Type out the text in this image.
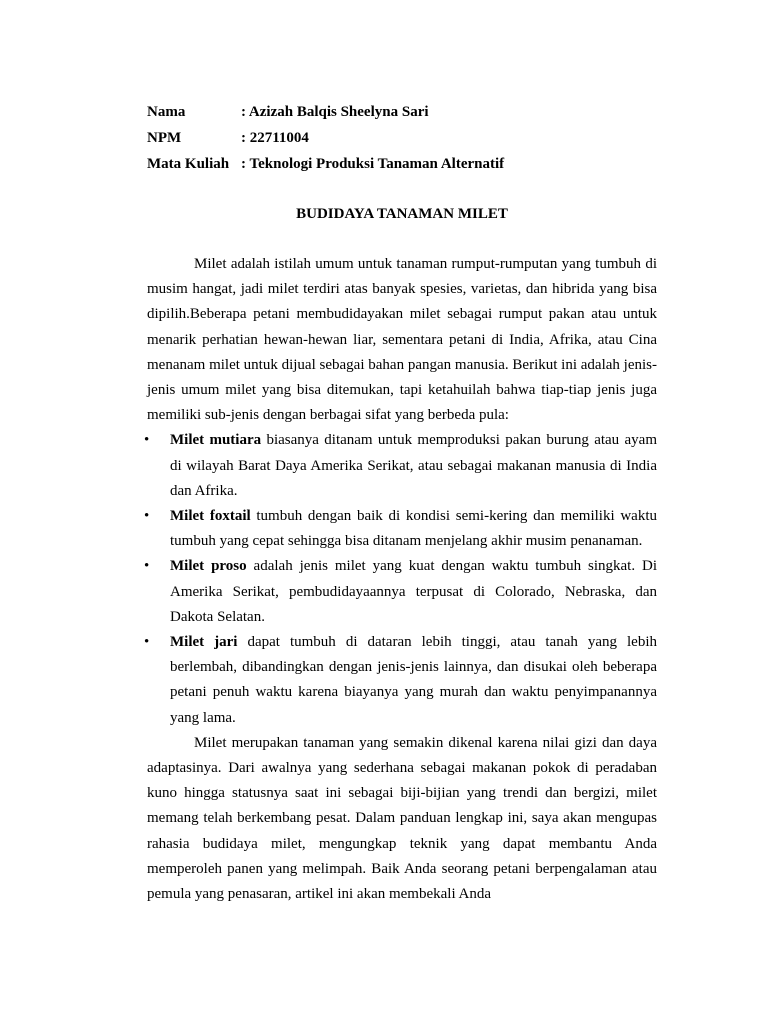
Nama	: Azizah Balqis Sheelyna Sari
NPM	: 22711004
Mata Kuliah : Teknologi Produksi Tanaman Alternatif
BUDIDAYA TANAMAN MILET

Milet adalah istilah umum untuk tanaman rumput-rumputan yang tumbuh di musim hangat, jadi milet terdiri atas banyak spesies, varietas, dan hibrida yang bisa dipilih.Beberapa petani membudidayakan milet sebagai rumput pakan atau untuk menarik perhatian hewan-hewan liar, sementara petani di India, Afrika, atau Cina menanam milet untuk dijual sebagai bahan pangan manusia. Berikut ini adalah jenis-jenis umum milet yang bisa ditemukan, tapi ketahuilah bahwa tiap-tiap jenis juga memiliki sub-jenis dengan berbagai sifat yang berbeda pula:

• Milet mutiara biasanya ditanam untuk memproduksi pakan burung atau ayam di wilayah Barat Daya Amerika Serikat, atau sebagai makanan manusia di India dan Afrika.
• Milet foxtail tumbuh dengan baik di kondisi semi-kering dan memiliki waktu tumbuh yang cepat sehingga bisa ditanam menjelang akhir musim penanaman.
• Milet proso adalah jenis milet yang kuat dengan waktu tumbuh singkat. Di Amerika Serikat, pembudidayaannya terpusat di Colorado, Nebraska, dan Dakota Selatan.
• Milet jari dapat tumbuh di dataran lebih tinggi, atau tanah yang lebih berlembah, dibandingkan dengan jenis-jenis lainnya, dan disukai oleh beberapa petani penuh waktu karena biayanya yang murah dan waktu penyimpanannya yang lama.

Milet merupakan tanaman yang semakin dikenal karena nilai gizi dan daya adaptasinya. Dari awalnya yang sederhana sebagai makanan pokok di peradaban kuno hingga statusnya saat ini sebagai biji-bijian yang trendi dan bergizi, milet memang telah berkembang pesat. Dalam panduan lengkap ini, saya akan mengupas rahasia budidaya milet, mengungkap teknik yang dapat membantu Anda memperoleh panen yang melimpah. Baik Anda seorang petani berpengalaman atau pemula yang penasaran, artikel ini akan membekali Anda
